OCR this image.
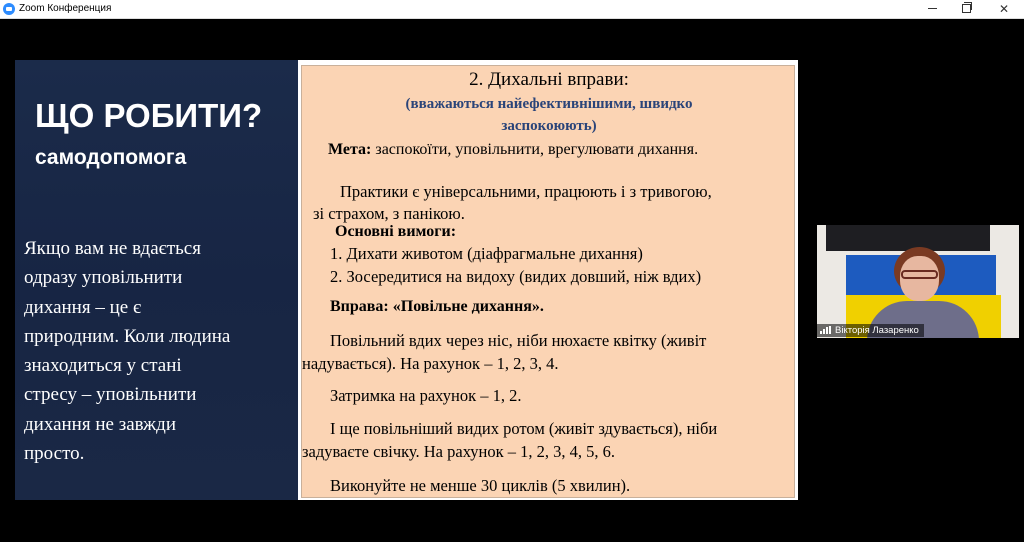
Zoom Конференция	✕
ЩО РОБИТИ?
самодопомога
Якщо вам не вдається
одразу уповільнити
дихання – це є
природним. Коли людина
знаходиться у стані
стресу – уповільнити
дихання не завжди
просто.
2. Дихальні вправи:
(вважаються найефективнішими, швидко
заспокоюють)
Мета: заспокоїти, уповільнити, врегулювати дихання.
Практики є універсальними, працюють і з тривогою,
зі страхом, з панікою.
Основні вимоги:
1. Дихати животом (діафрагмальне дихання)
2. Зосередитися на видоху (видих довший, ніж вдих)
Вправа: «Повільне дихання».
Повільний вдих через ніс, ніби нюхаєте квітку (живіт
надувається). На рахунок – 1, 2, 3, 4.
Затримка на рахунок – 1, 2.
І ще повільніший видих ротом (живіт здувається), ніби
задуваєте свічку. На рахунок – 1, 2, 3, 4, 5, 6.
Виконуйте не менше 30 циклів (5 хвилин).
Вікторія Лазаренко
